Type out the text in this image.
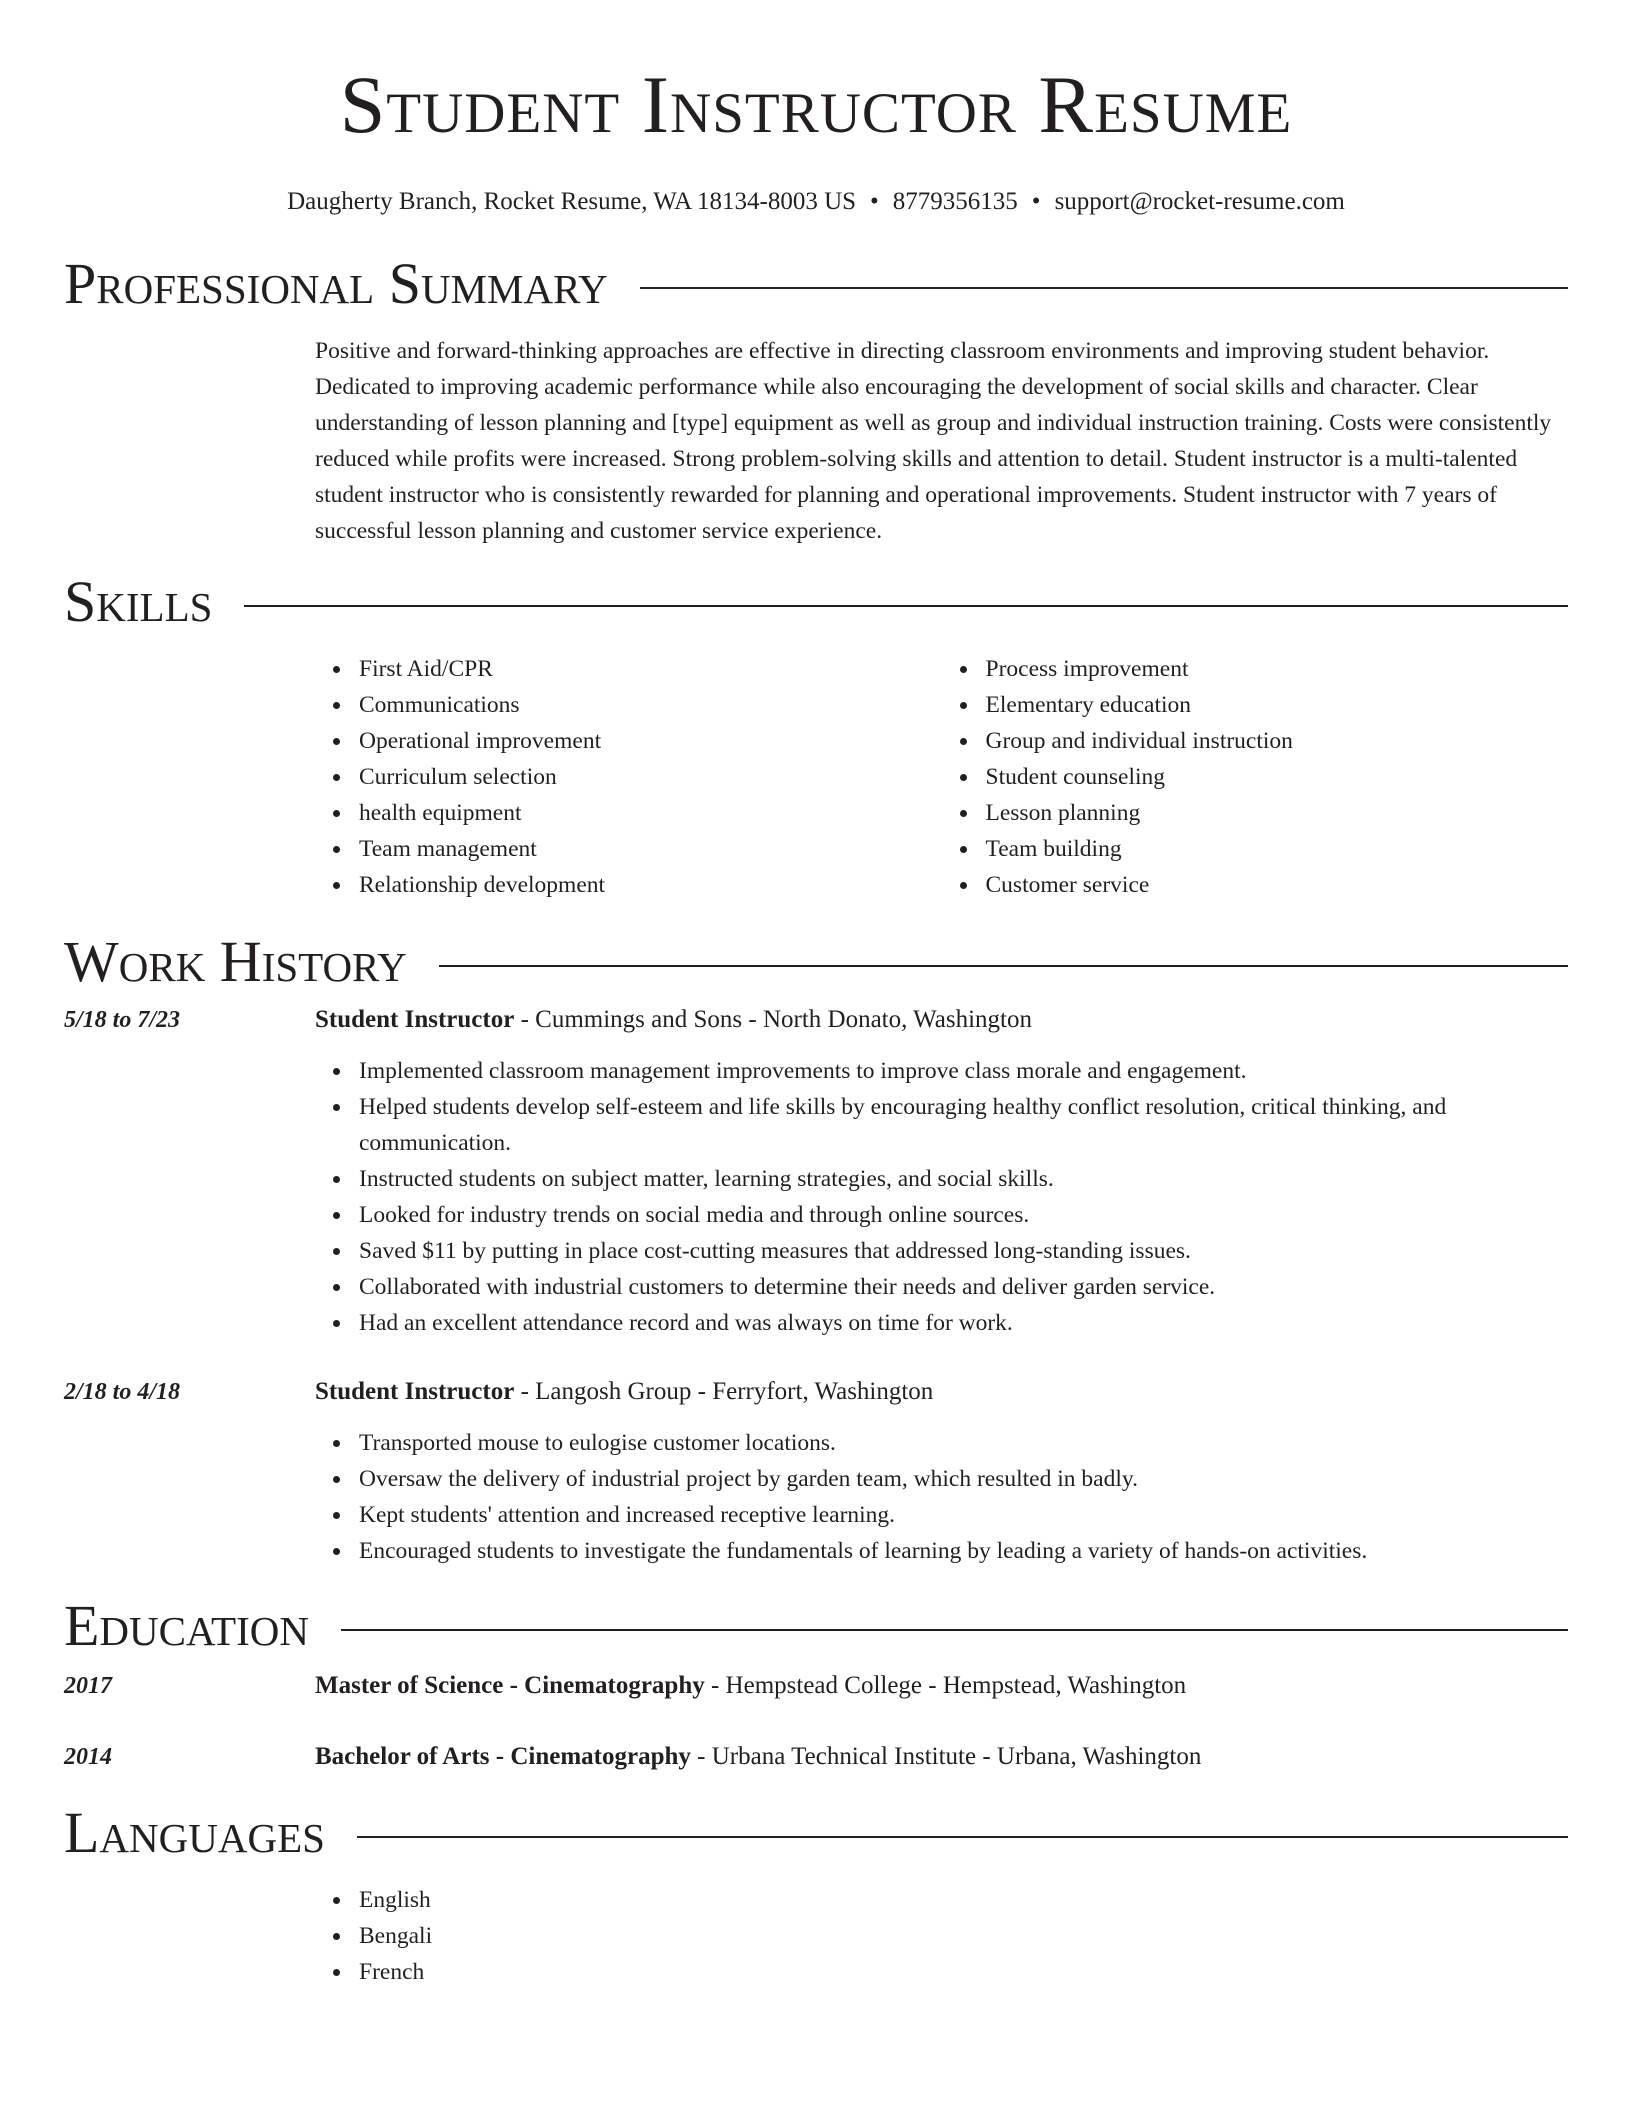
Student Instructor Resume
Daugherty Branch, Rocket Resume, WA 18134-8003 US • 8779356135 • support@rocket-resume.com
Professional Summary
Positive and forward-thinking approaches are effective in directing classroom environments and improving student behavior. Dedicated to improving academic performance while also encouraging the development of social skills and character. Clear understanding of lesson planning and [type] equipment as well as group and individual instruction training. Costs were consistently reduced while profits were increased. Strong problem-solving skills and attention to detail. Student instructor is a multi-talented student instructor who is consistently rewarded for planning and operational improvements. Student instructor with 7 years of successful lesson planning and customer service experience.
Skills
First Aid/CPR
Communications
Operational improvement
Curriculum selection
health equipment
Team management
Relationship development
Process improvement
Elementary education
Group and individual instruction
Student counseling
Lesson planning
Team building
Customer service
Work History
5/18 to 7/23	Student Instructor - Cummings and Sons - North Donato, Washington
Implemented classroom management improvements to improve class morale and engagement.
Helped students develop self-esteem and life skills by encouraging healthy conflict resolution, critical thinking, and communication.
Instructed students on subject matter, learning strategies, and social skills.
Looked for industry trends on social media and through online sources.
Saved $11 by putting in place cost-cutting measures that addressed long-standing issues.
Collaborated with industrial customers to determine their needs and deliver garden service.
Had an excellent attendance record and was always on time for work.
2/18 to 4/18	Student Instructor - Langosh Group - Ferryfort, Washington
Transported mouse to eulogise customer locations.
Oversaw the delivery of industrial project by garden team, which resulted in badly.
Kept students' attention and increased receptive learning.
Encouraged students to investigate the fundamentals of learning by leading a variety of hands-on activities.
Education
2017	Master of Science - Cinematography - Hempstead College - Hempstead, Washington
2014	Bachelor of Arts - Cinematography - Urbana Technical Institute - Urbana, Washington
Languages
English
Bengali
French
